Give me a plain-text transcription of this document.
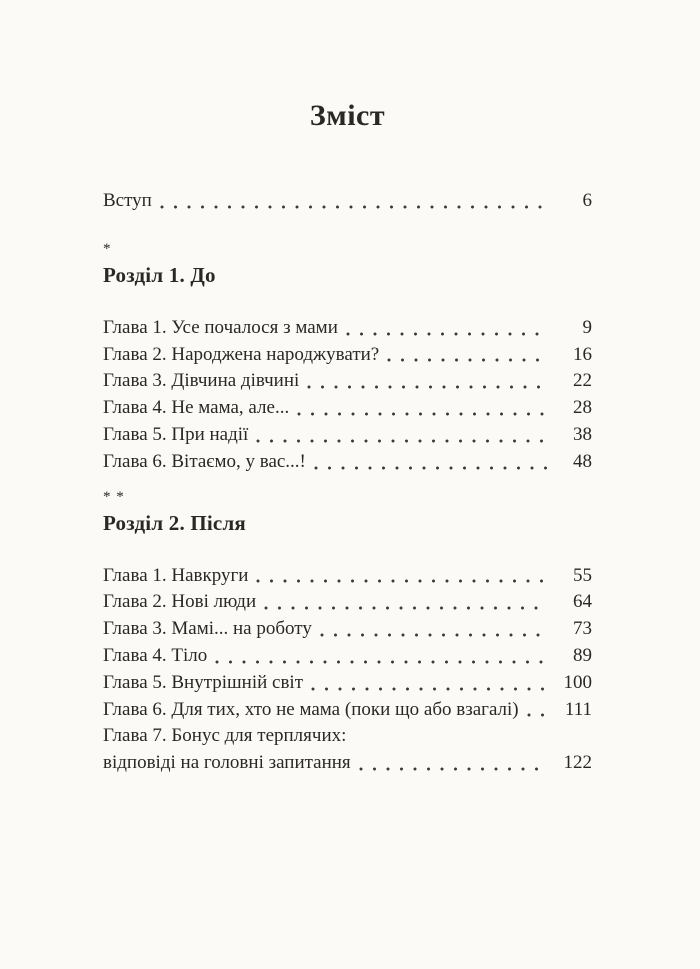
Зміст
Вступ	6
*
Розділ 1. До
Глава 1. Усе почалося з мами	9
Глава 2. Народжена народжувати?	16
Глава 3. Дівчина дівчині	22
Глава 4. Не мама, але...	28
Глава 5. При надії	38
Глава 6. Вітаємо, у вас...!	48
* *
Розділ 2. Після
Глава 1. Навкруги	55
Глава 2. Нові люди	64
Глава 3. Мамі... на роботу	73
Глава 4. Тіло	89
Глава 5. Внутрішній світ	100
Глава 6. Для тих, хто не мама (поки що або взагалі)	111
Глава 7. Бонус для терплячих:
відповіді на головні запитання	122
